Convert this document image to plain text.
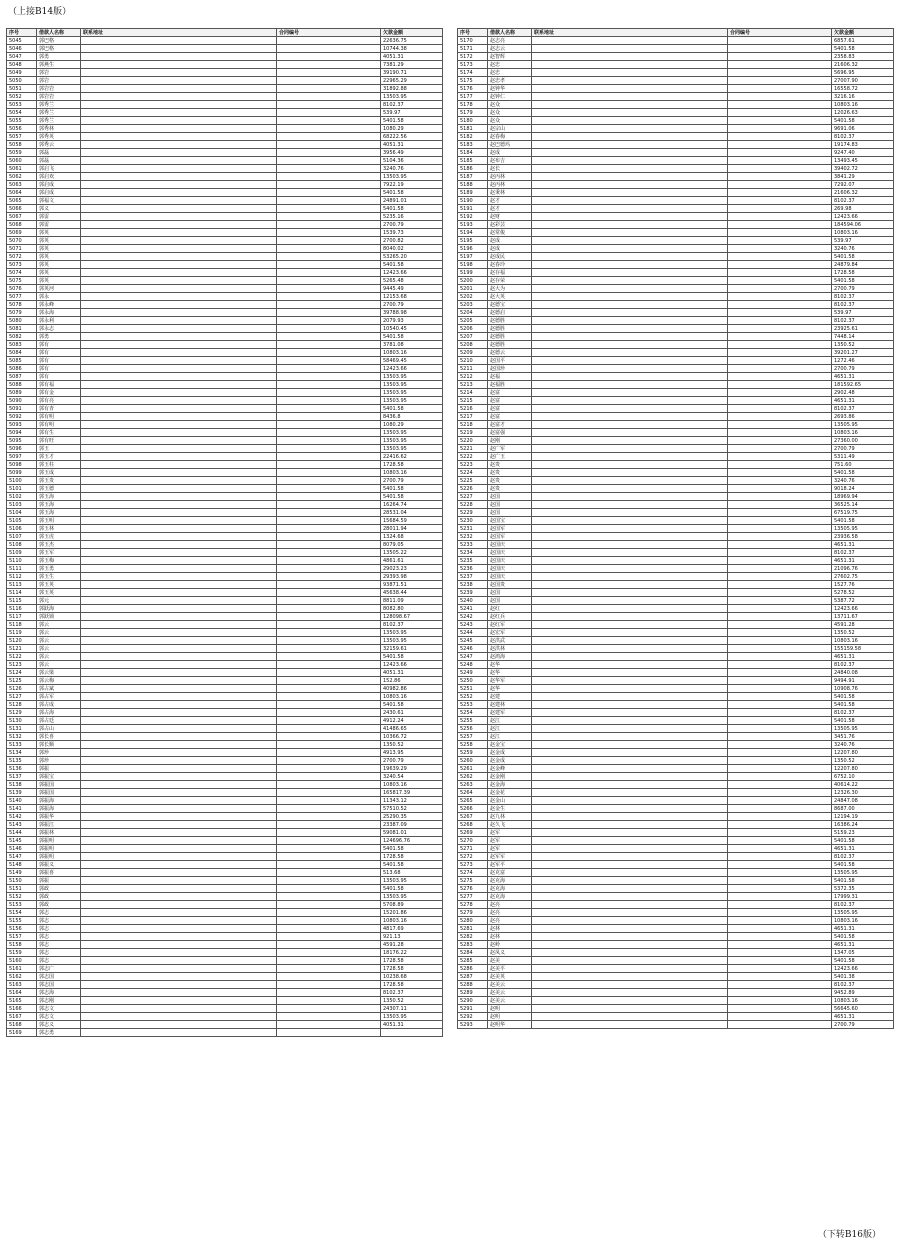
（上接B14版）
序号	借款人名称	联系地址	合同编号	欠款金额
5045	郭巴格			22636.75
5046	郭巴格			10744.38
5047	郭勇			4051.31
5048	郭燕生			7381.29
5049	郭岩			39190.71
5050	郭岩			22965.29
5051	郭岩岩			31892.88
5052	郭岩岩			13503.95
5053	郭秀兰			8102.37
5054	郭秀兰			539.97
5055	郭秀兰			5401.58
5056	郭秀林			1080.29
5057	郭秀英			68222.56
5058	郭秀云			4051.31
5059	郭磊			3956.49
5060	郭磊			5104.36
5061	郭启飞			3240.76
5062	郭启欢			13503.95
5063	郭启成			7922.19
5064	郭启成			5401.58
5065	郭福文			24891.01
5066	郭义			5401.58
5067	郭雷			5235.16
5068	郭雷			2700.79
5069	郭英			1539.73
5070	郭英			2700.82
5071	郭英			8040.02
5072	郭英			53265.20
5073	郭英			5401.58
5074	郭英			12423.66
5075	郭英			5265.48
5076	郭英河			9445.49
5077	郭永			12153.68
5078	郭永峰			2700.79
5079	郭永海			39788.98
5080	郭永利			2079.93
5081	郭永志			10540.45
5082	郭勇			5401.58
5083	郭有			3781.08
5084	郭有			10803.16
5085	郭有			58469.45
5086	郭有			12423.66
5087	郭有			13503.95
5088	郭有福			13503.95
5089	郭有金			13503.95
5090	郭有亮			13503.95
5091	郭有青			5401.58
5092	郭有明			8436.8
5093	郭有明			1080.29
5094	郭有生			13503.95
5095	郭有旺			13503.95
5096	郭玉			13503.95
5097	郭玉才			22416.62
5098	郭玉柱			1728.58
5099	郭玉成			10803.16
5100	郭玉贵			2700.79
5101	郭玉德			5401.58
5102	郭玉海			5401.58
5103	郭玉海			16264.74
5104	郭玉海			28531.04
5105	郭玉明			15684.59
5106	郭玉林			28011.94
5107	郭玉虎			1324.68
5108	郭玉杰			8079.05
5109	郭玉军			13505.22
5110	郭玉梅			4861.61
5111	郭玉勇			29023.23
5112	郭玉生			29393.98
5113	郭玉英			93871.51
5114	郭玉英			45638.44
5115	郭元			8811.09
5116	郭跃海			8082.80
5117	郭跃锁			128098.67
5118	郭云			8102.37
5119	郭云			13503.95
5120	郭云			13503.95
5121	郭云			32159.61
5122	郭云			5401.58
5123	郭云			12423.66
5124	郭云梁			4051.31
5125	郭云梅			152.86
5126	郭占斌			40982.86
5127	郭占军			10803.16
5128	郭占成			5401.58
5129	郭占海			2430.61
5130	郭占廷			4912.24
5131	郭占山			41486.65
5132	郭长喜			10366.72
5133	郭长顺			1350.52
5134	郭珍			4913.95
5135	郭珍			2700.79
5136	郭振			19639.29
5137	郭振宝			3240.54
5138	郭振国			10803.16
5139	郭振国			165817.39
5140	郭振海			11343.12
5141	郭振海			57510.52
5142	郭振华			25290.35
5143	郭振江			23387.09
5144	郭振林			59081.01
5145	郭振明			124696.76
5146	郭振明			5401.58
5147	郭振明			1728.58
5148	郭振义			5401.58
5149	郭振喜			513.68
5150	郭振			13503.95
5151	郭政			5401.58
5152	郭政			13503.95
5153	郭政			5708.89
5154	郭志			15201.86
5155	郭志			10803.16
5156	郭志			4817.69
5157	郭志			921.13
5158	郭志			4591.28
5159	郭志			18176.22
5160	郭志			1728.58
5161	郭志广			1728.58
5162	郭志国			10238.68
5163	郭志国			1728.58
5164	郭志海			8102.37
5165	郭志刚			1350.52
5166	郭志文			24307.11
5167	郭志文			13503.95
5168	郭志义			4051.31
5169	郭志勇			
序号	借款人名称	联系地址	合同编号	欠款金额
5170	赵志亮			6857.61
5171	赵志云			5401.58
5172	赵智辉			2358.83
5173	赵忠			21606.32
5174	赵忠			5696.95
5175	赵忠孝			27007.90
5176	赵钟华			16558.72
5177	赵钟仁			3216.16
5178	赵众			10803.16
5179	赵众			12026.63
5180	赵众			5401.58
5181	赵宗山			9691.06
5182	赵春梅			8102.37
5183	赵巴德玛			19174.83
5184	赵成			9247.40
5185	赵布吉			13493.45
5186	赵长			39402.72
5187	赵丙林			3841.29
5188	赵丙林			7292.07
5189	赵秉林			21606.32
5190	赵才			8102.37
5191	赵才			269.98
5192	赵财			12423.66
5193	赵彩芸			184594.06
5194	赵常俊			10803.16
5195	赵成			539.97
5196	赵成			3240.76
5197	赵成民			5401.58
5198	赵春玲			24879.84
5199	赵存福			1728.58
5200	赵存荣			5401.58
5201	赵大为			2700.79
5202	赵大英			8102.37
5203	赵德宝			8102.37
5204	赵德启			539.97
5205	赵德胜			8102.37
5206	赵德胜			23925.61
5207	赵德胜			7448.14
5208	赵德胜			1350.52
5209	赵德云			39201.27
5210	赵国平			1272.46
5211	赵国珍			2700.79
5212	赵福			4651.31
5213	赵福胜			181592.65
5214	赵富			2902.48
5215	赵富			4651.31
5216	赵富			8102.37
5217	赵富			2693.86
5218	赵富才			13505.95
5219	赵富强			10803.16
5220	赵刚			27360.00
5221	赵广军			2700.79
5222	赵广玉			5311.49
5223	赵贵			751.60
5224	赵贵			5401.58
5225	赵贵			3240.76
5226	赵贵			9018.24
5227	赵国			18969.94
5228	赵国			36525.14
5229	赵国			67519.75
5230	赵国宝			5401.58
5231	赵国军			13505.95
5232	赵国军			23936.58
5233	赵国庆			4651.31
5234	赵国庆			8102.37
5235	赵国庆			4651.31
5236	赵国庆			21096.76
5237	赵国庆			27602.75
5238	赵国贵			1527.76
5239	赵国			5278.52
5240	赵国			5387.72
5241	赵红			12423.66
5242	赵红兵			13711.67
5243	赵红军			4591.28
5244	赵宏军			1350.52
5245	赵洪武			10803.16
5246	赵洪林			155159.58
5247	赵鸿海			4651.31
5248	赵华			8102.37
5249	赵华			24840.08
5250	赵华军			9494.91
5251	赵华			10908.76
5252	赵建			5401.58
5253	赵建林			5401.58
5254	赵建军			8102.37
5255	赵江			5401.58
5256	赵江			13505.95
5257	赵江			3451.76
5258	赵金宝			3240.76
5259	赵金成			12207.80
5260	赵金成			1350.52
5261	赵金峰			12207.80
5262	赵金刚			6752.10
5263	赵金海			40614.22
5264	赵金花			12326.30
5265	赵金山			24847.08
5266	赵金生			8687.00
5267	赵九林			12194.19
5268	赵久飞			16386.24
5269	赵军			5159.23
5270	赵军			5401.58
5271	赵军			4651.31
5272	赵军军			8102.37
5273	赵军平			5401.58
5274	赵克富			13505.95
5275	赵克海			5401.58
5276	赵克海			5372.35
5277	赵克海			17999.31
5278	赵亮			8102.37
5279	赵亮			13505.95
5280	赵亮			10803.16
5281	赵林			4651.31
5282	赵林			5401.58
5283	赵岭			4651.31
5284	赵凤义			1347.05
5285	赵美			5401.58
5286	赵美平			12423.66
5287	赵美英			5401.38
5288	赵美云			8102.37
5289	赵美云			9452.89
5290	赵美云			10803.16
5291	赵明			56645.60
5292	赵明			4651.31
5293	赵明华			2700.79
（下转B16版）
